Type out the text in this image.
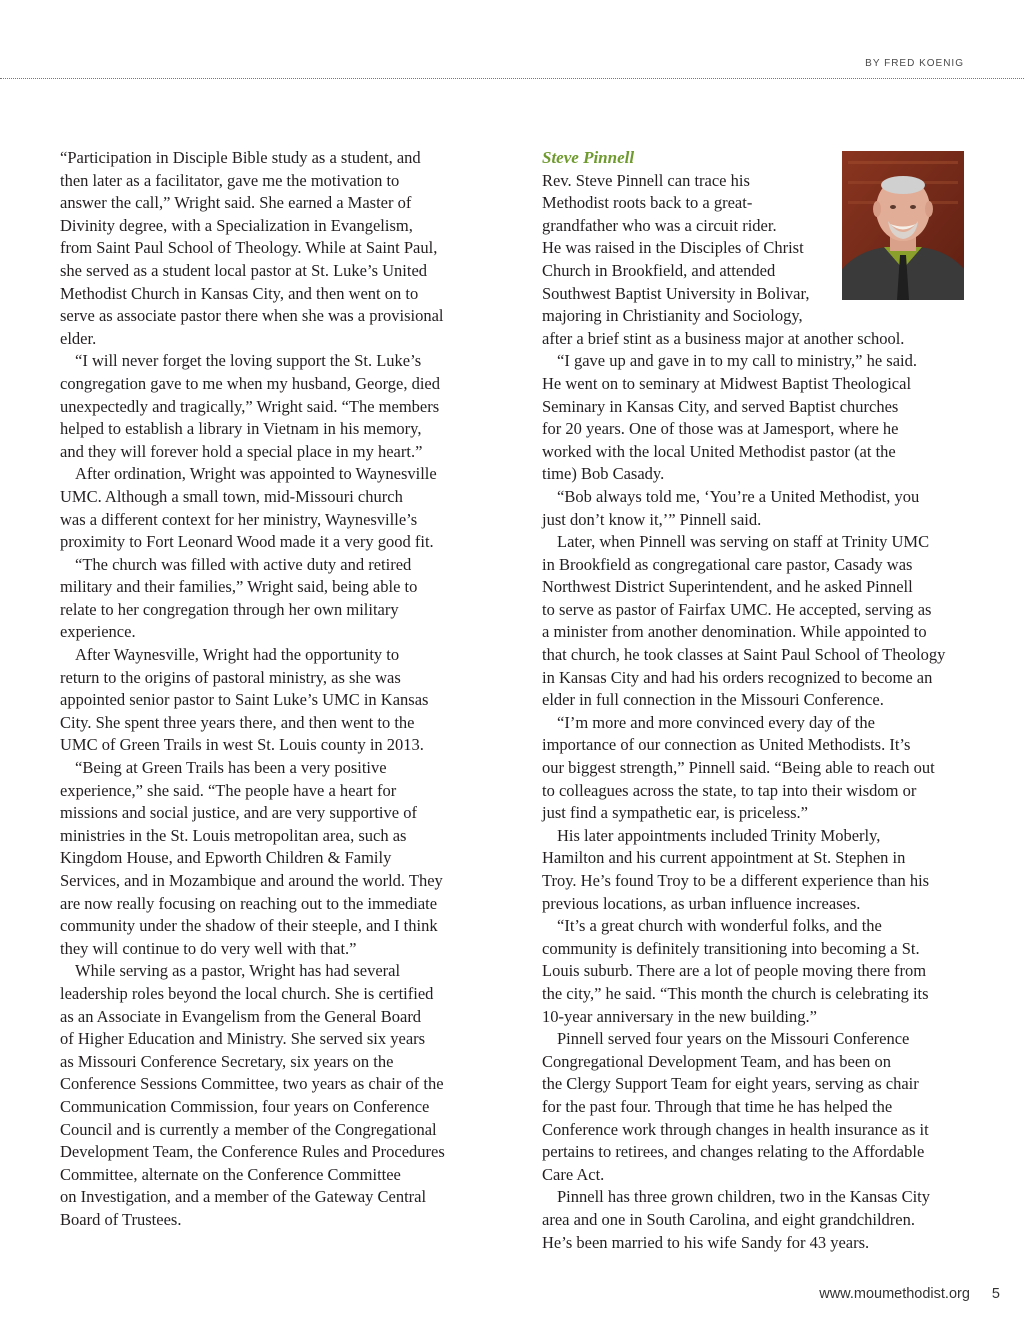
BY FRED KOENIG
“Participation in Disciple Bible study as a student, and
then later as a facilitator, gave me the motivation to
answer the call,” Wright said. She earned a Master of
Divinity degree, with a Specialization in Evangelism,
from Saint Paul School of Theology. While at Saint Paul,
she served as a student local pastor at St. Luke’s United
Methodist Church in Kansas City, and then went on to
serve as associate pastor there when she was a provisional
elder.
“I will never forget the loving support the St. Luke’s
congregation gave to me when my husband, George, died
unexpectedly and tragically,” Wright said. “The members
helped to establish a library in Vietnam in his memory,
and they will forever hold a special place in my heart.”
After ordination, Wright was appointed to Waynesville
UMC. Although a small town, mid-Missouri church
was a different context for her ministry, Waynesville’s
proximity to Fort Leonard Wood made it a very good fit.
“The church was filled with active duty and retired
military and their families,” Wright said, being able to
relate to her congregation through her own military
experience.
After Waynesville, Wright had the opportunity to
return to the origins of pastoral ministry, as she was
appointed senior pastor to Saint Luke’s UMC in Kansas
City. She spent three years there, and then went to the
UMC of Green Trails in west St. Louis county in 2013.
“Being at Green Trails has been a very positive
experience,” she said. “The people have a heart for
missions and social justice, and are very supportive of
ministries in the St. Louis metropolitan area, such as
Kingdom House, and Epworth Children & Family
Services, and in Mozambique and around the world. They
are now really focusing on reaching out to the immediate
community under the shadow of their steeple, and I think
they will continue to do very well with that.”
While serving as a pastor, Wright has had several
leadership roles beyond the local church. She is certified
as an Associate in Evangelism from the General Board
of Higher Education and Ministry. She served six years
as Missouri Conference Secretary, six years on the
Conference Sessions Committee, two years as chair of the
Communication Commission, four years on Conference
Council and is currently a member of the Congregational
Development Team, the Conference Rules and Procedures
Committee, alternate on the Conference Committee
on Investigation, and a member of the Gateway Central
Board of Trustees.
Steve Pinnell
Rev. Steve Pinnell can trace his
Methodist roots back to a great-
grandfather who was a circuit rider.
He was raised in the Disciples of Christ
Church in Brookfield, and attended
Southwest Baptist University in Bolivar,
majoring in Christianity and Sociology,
after a brief stint as a business major at another school.
“I gave up and gave in to my call to ministry,” he said.
He went on to seminary at Midwest Baptist Theological
Seminary in Kansas City, and served Baptist churches
for 20 years. One of those was at Jamesport, where he
worked with the local United Methodist pastor (at the
time) Bob Casady.
“Bob always told me, ‘You’re a United Methodist, you
just don’t know it,’” Pinnell said.
Later, when Pinnell was serving on staff at Trinity UMC
in Brookfield as congregational care pastor, Casady was
Northwest District Superintendent, and he asked Pinnell
to serve as pastor of Fairfax UMC. He accepted, serving as
a minister from another denomination. While appointed to
that church, he took classes at Saint Paul School of Theology
in Kansas City and had his orders recognized to become an
elder in full connection in the Missouri Conference.
“I’m more and more convinced every day of the
importance of our connection as United Methodists. It’s
our biggest strength,” Pinnell said. “Being able to reach out
to colleagues across the state, to tap into their wisdom or
just find a sympathetic ear, is priceless.”
His later appointments included Trinity Moberly,
Hamilton and his current appointment at St. Stephen in
Troy. He’s found Troy to be a different experience than his
previous locations, as urban influence increases.
“It’s a great church with wonderful folks, and the
community is definitely transitioning into becoming a St.
Louis suburb. There are a lot of people moving there from
the city,” he said. “This month the church is celebrating its
10-year anniversary in the new building.”
Pinnell served four years on the Missouri Conference
Congregational Development Team, and has been on
the Clergy Support Team for eight years, serving as chair
for the past four. Through that time he has helped the
Conference work through changes in health insurance as it
pertains to retirees, and changes relating to the Affordable
Care Act.
Pinnell has three grown children, two in the Kansas City
area and one in South Carolina, and eight grandchildren.
He’s been married to his wife Sandy for 43 years.
www.moumethodist.org 5
